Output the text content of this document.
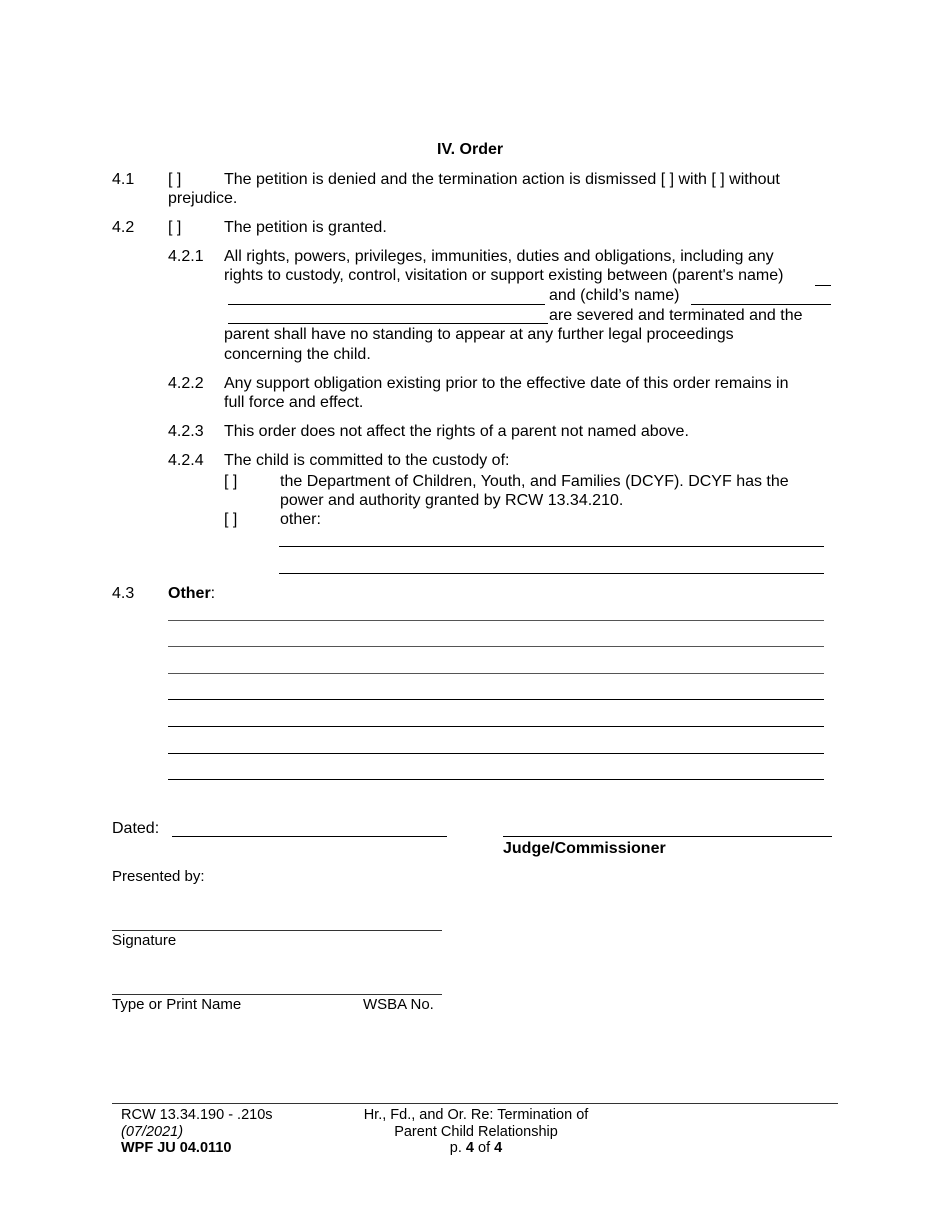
IV. Order
4.1 [ ]	The petition is denied and the termination action is dismissed [ ] with [ ] without
prejudice.
4.2 [ ]	The petition is granted.
4.2.1 All rights, powers, privileges, immunities, duties and obligations, including any
rights to custody, control, visitation or support existing between (parent's name)
and (child’s name)
are severed and terminated and the
parent shall have no standing to appear at any further legal proceedings
concerning the child.
4.2.2 Any support obligation existing prior to the effective date of this order remains in
full force and effect.
4.2.3 This order does not affect the rights of a parent not named above.
4.2.4 The child is committed to the custody of:
[ ]	the Department of Children, Youth, and Families (DCYF). DCYF has the
power and authority granted by RCW 13.34.210.
[ ]	other:
4.3 Other:
Dated:
Judge/Commissioner
Presented by:
Signature
Type or Print Name	WSBA No.
RCW 13.34.190 - .210s
(07/2021)
WPF JU 04.0110
Hr., Fd., and Or. Re: Termination of
Parent Child Relationship
p. 4 of 4
